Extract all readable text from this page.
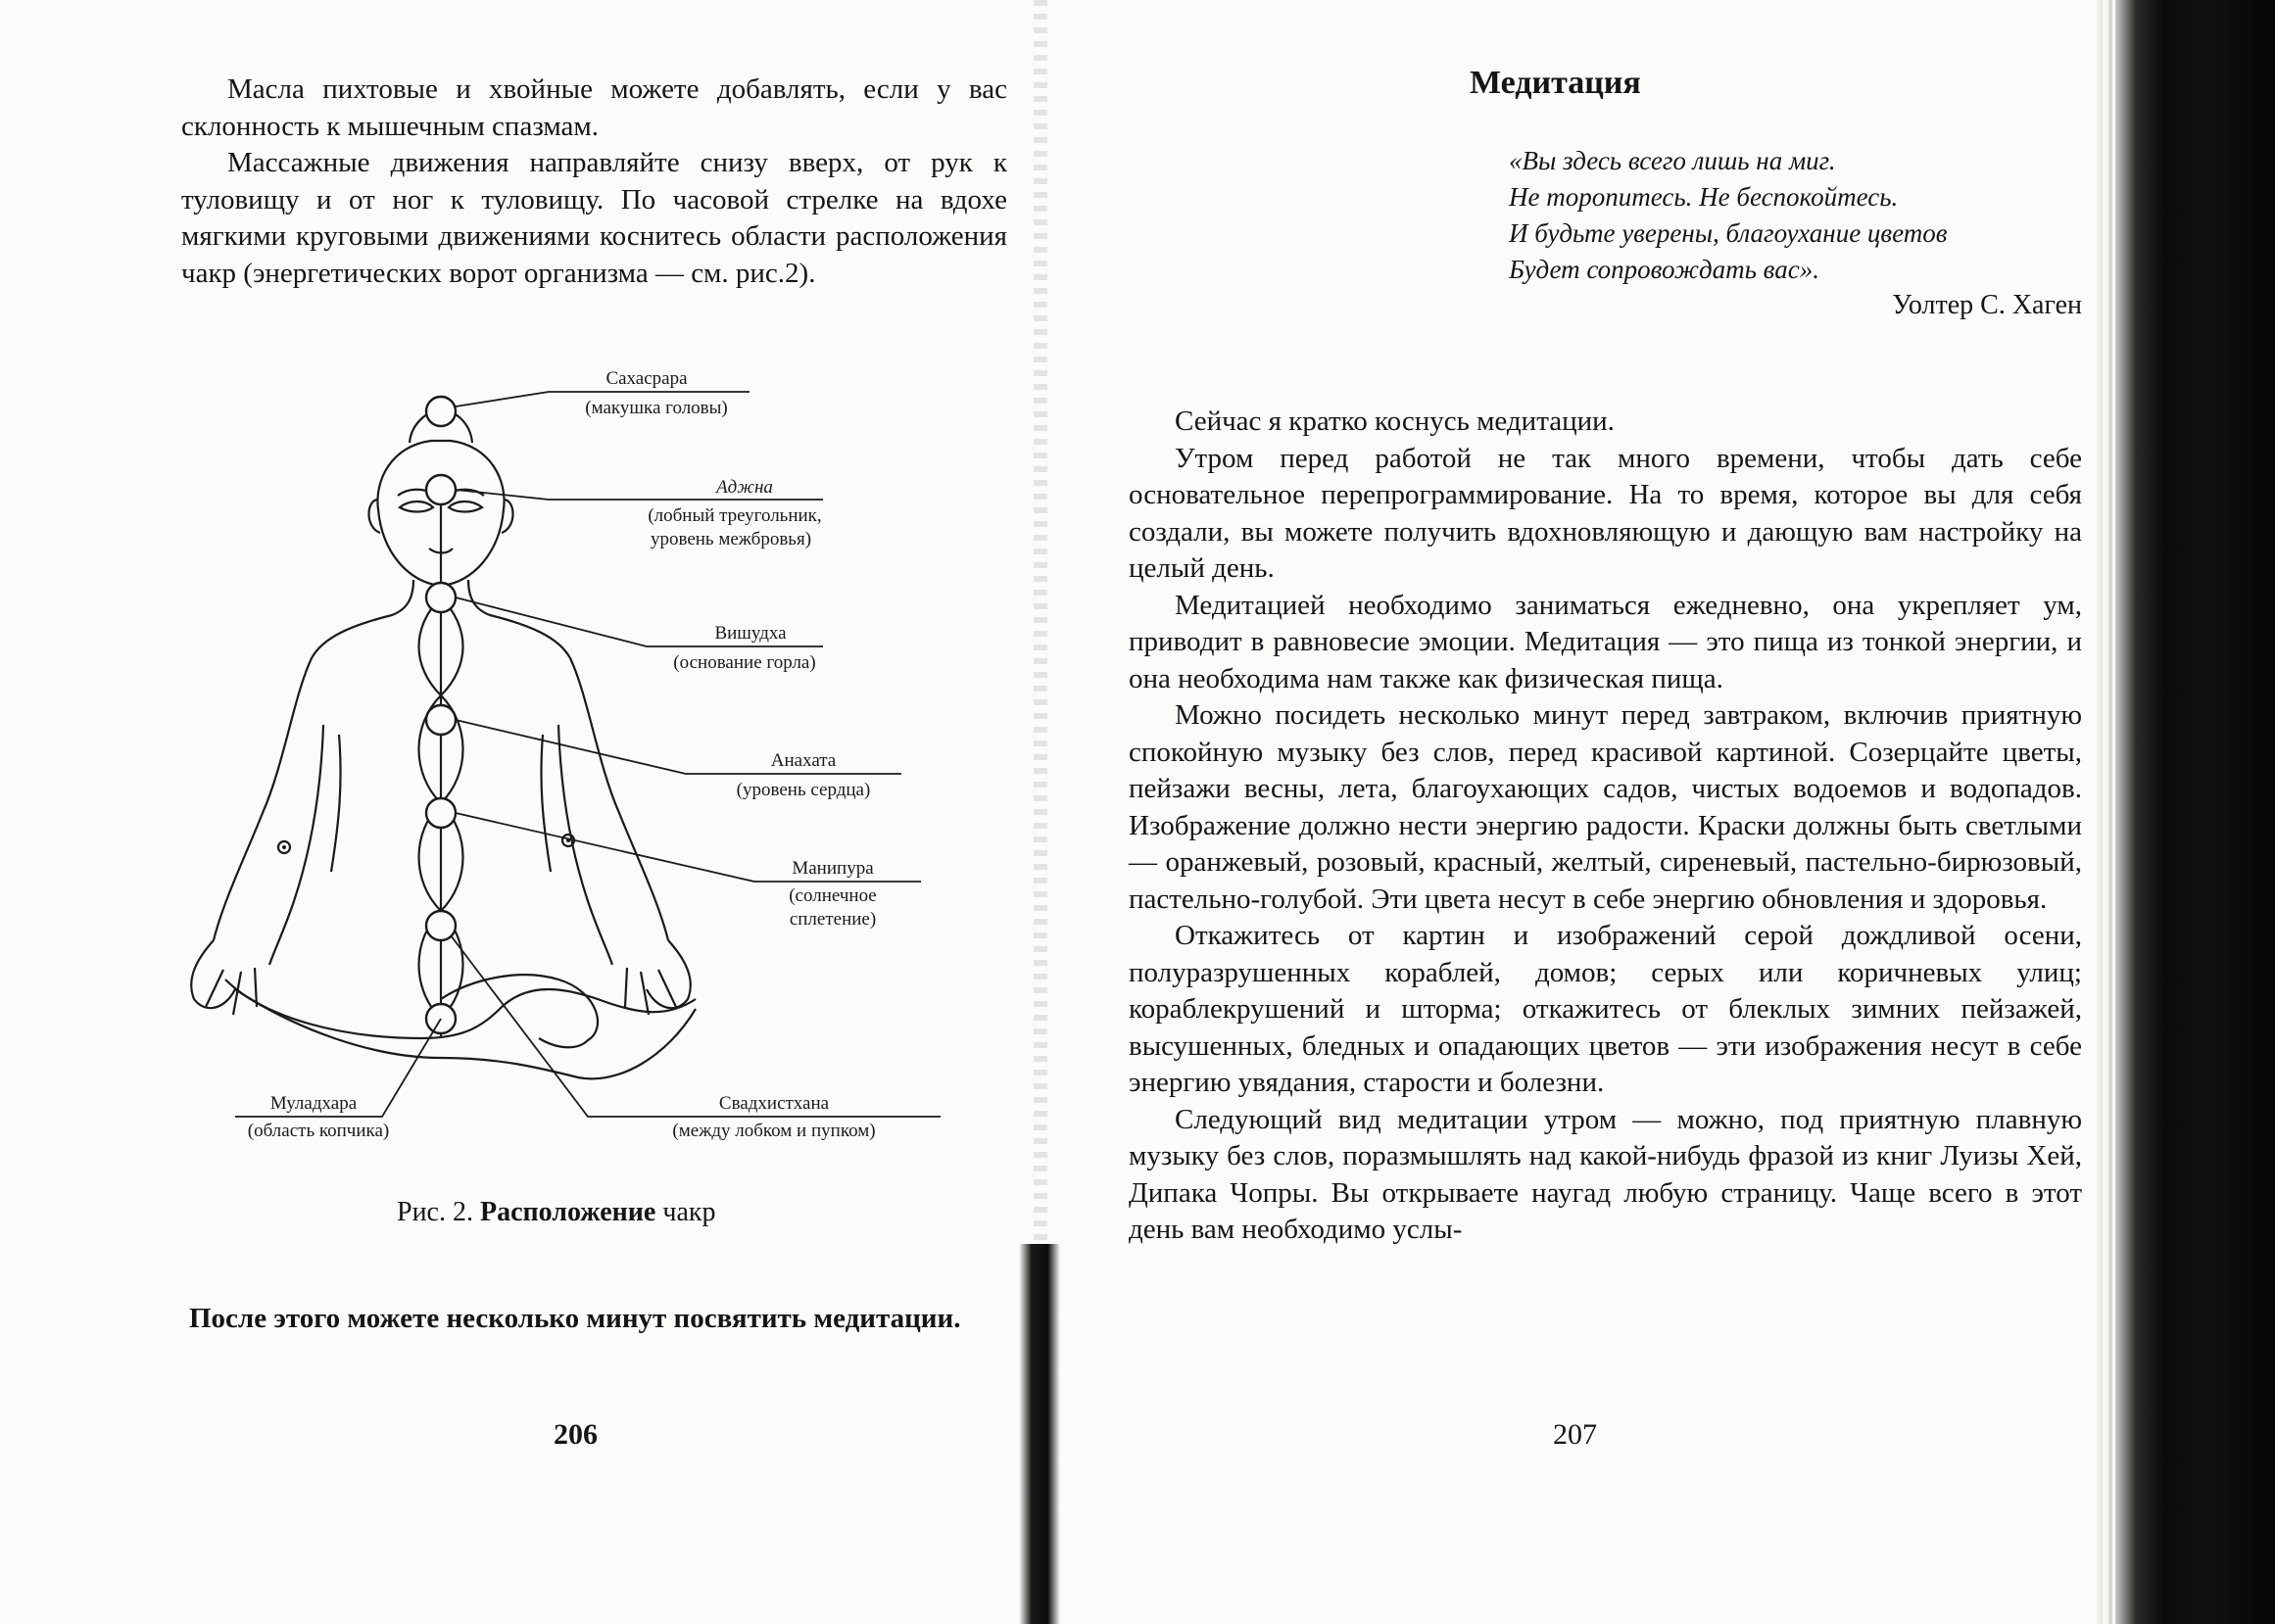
Масла пихтовые и хвойные можете добавлять, если у вас склонность к мышечным спазмам.

Массажные движения направляйте снизу вверх, от рук к туловищу и от ног к туловищу. По часовой стрелке на вдохе мягкими круговыми движениями коснитесь области расположения чакр (энергетических ворот организма — см. рис.2).

Сахасрара
(макушка головы)
Аджна
(лобный треугольник,
уровень межбровья)
Вишудха
(основание горла)
Анахата
(уровень сердца)
Манипура
(солнечное
сплетение)
Муладхара
(область копчика)
Свадхистхана
(между лобком и пупком)
Рис. 2. Расположение чакр

После этого можете несколько минут посвятить медитации.

206
Медитация
«Вы здесь всего лишь на миг.
Не торопитесь. Не беспокойтесь.
И будьте уверены, благоухание цветов
Будет сопровождать вас».
Уолтер С. Хаген

Сейчас я кратко коснусь медитации.

Утром перед работой не так много времени, чтобы дать себе основательное перепрограммирование. На то время, которое вы для себя создали, вы можете получить вдохновляющую и дающую вам настройку на целый день.

Медитацией необходимо заниматься ежедневно, она укрепляет ум, приводит в равновесие эмоции. Медитация — это пища из тонкой энергии, и она необходима нам также как физическая пища.

Можно посидеть несколько минут перед завтраком, включив приятную спокойную музыку без слов, перед красивой картиной. Созерцайте цветы, пейзажи весны, лета, благоухающих садов, чистых водоемов и водопадов. Изображение должно нести энергию радости. Краски должны быть светлыми — оранжевый, розовый, красный, желтый, сиреневый, пастельно-бирюзовый, пастельно-голубой. Эти цвета несут в себе энергию обновления и здоровья.

Откажитесь от картин и изображений серой дождливой осени, полуразрушенных кораблей, домов; серых или коричневых улиц; кораблекрушений и шторма; откажитесь от блеклых зимних пейзажей, высушенных, бледных и опадающих цветов — эти изображения несут в себе энергию увядания, старости и болезни.

Следующий вид медитации утром — можно, под приятную плавную музыку без слов, поразмышлять над какой-нибудь фразой из книг Луизы Хей, Дипака Чопры. Вы открываете наугад любую страницу. Чаще всего в этот день вам необходимо услы-

207
